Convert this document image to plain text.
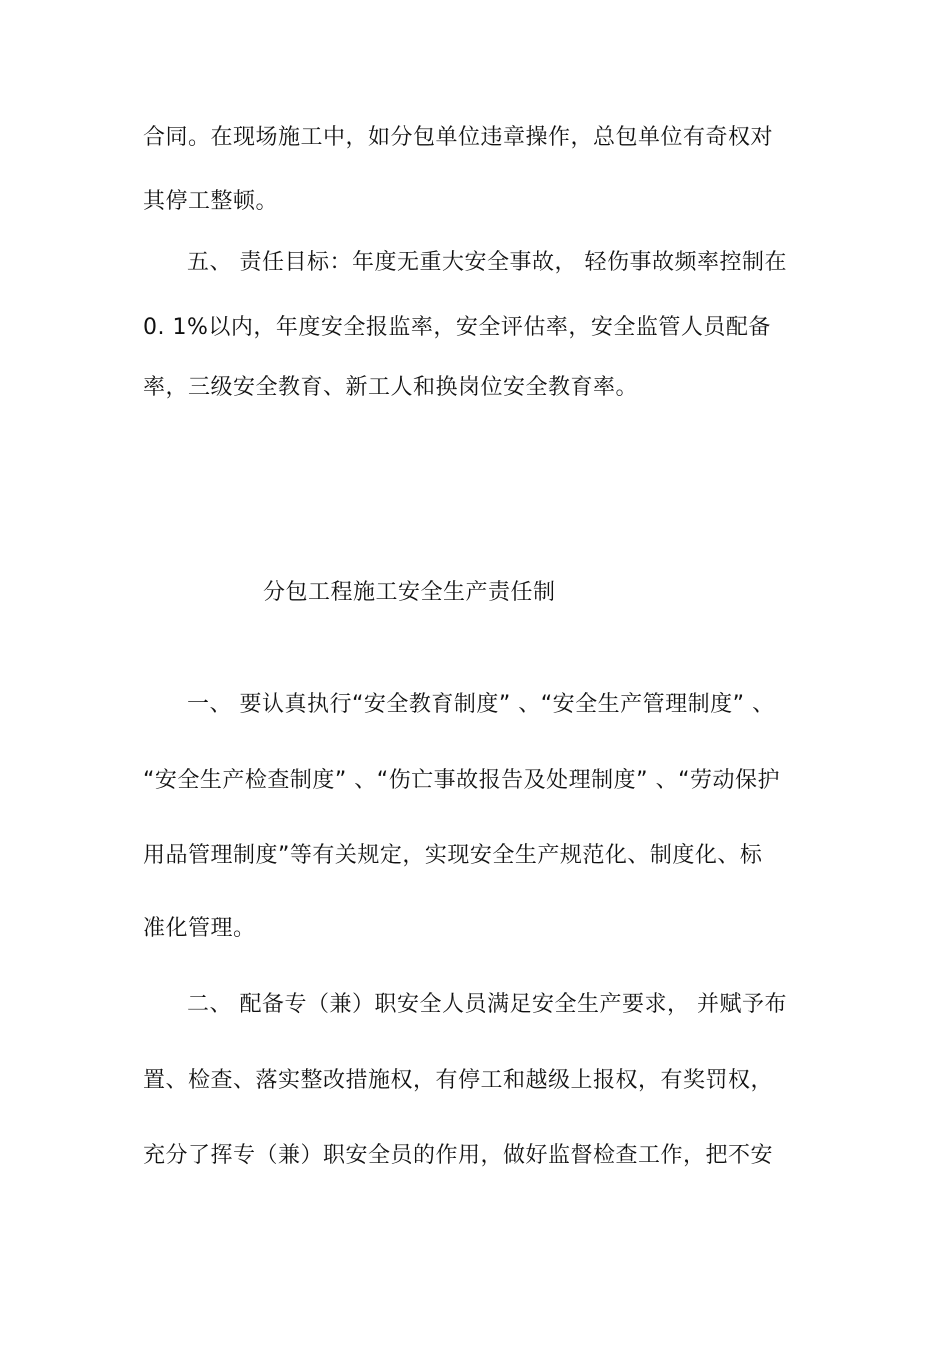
合同。在现场施工中，如分包单位违章操作，总包单位有奇权对
其停工整顿。
五、 责任目标：年度无重大安全事故， 轻伤事故频率控制在
0. 1%以内，年度安全报监率，安全评估率，安全监管人员配备
率，三级安全教育、新工人和换岗位安全教育率。
分包工程施工安全生产责任制
一、 要认真执行“安全教育制度” 、“安全生产管理制度” 、
“安全生产检查制度” 、“伤亡事故报告及处理制度” 、“劳动保护
用品管理制度”等有关规定，实现安全生产规范化、制度化、标
准化管理。
二、 配备专（兼）职安全人员满足安全生产要求， 并赋予布
置、检查、落实整改措施权，有停工和越级上报权，有奖罚权，
充分了挥专（兼）职安全员的作用，做好监督检查工作，把不安
